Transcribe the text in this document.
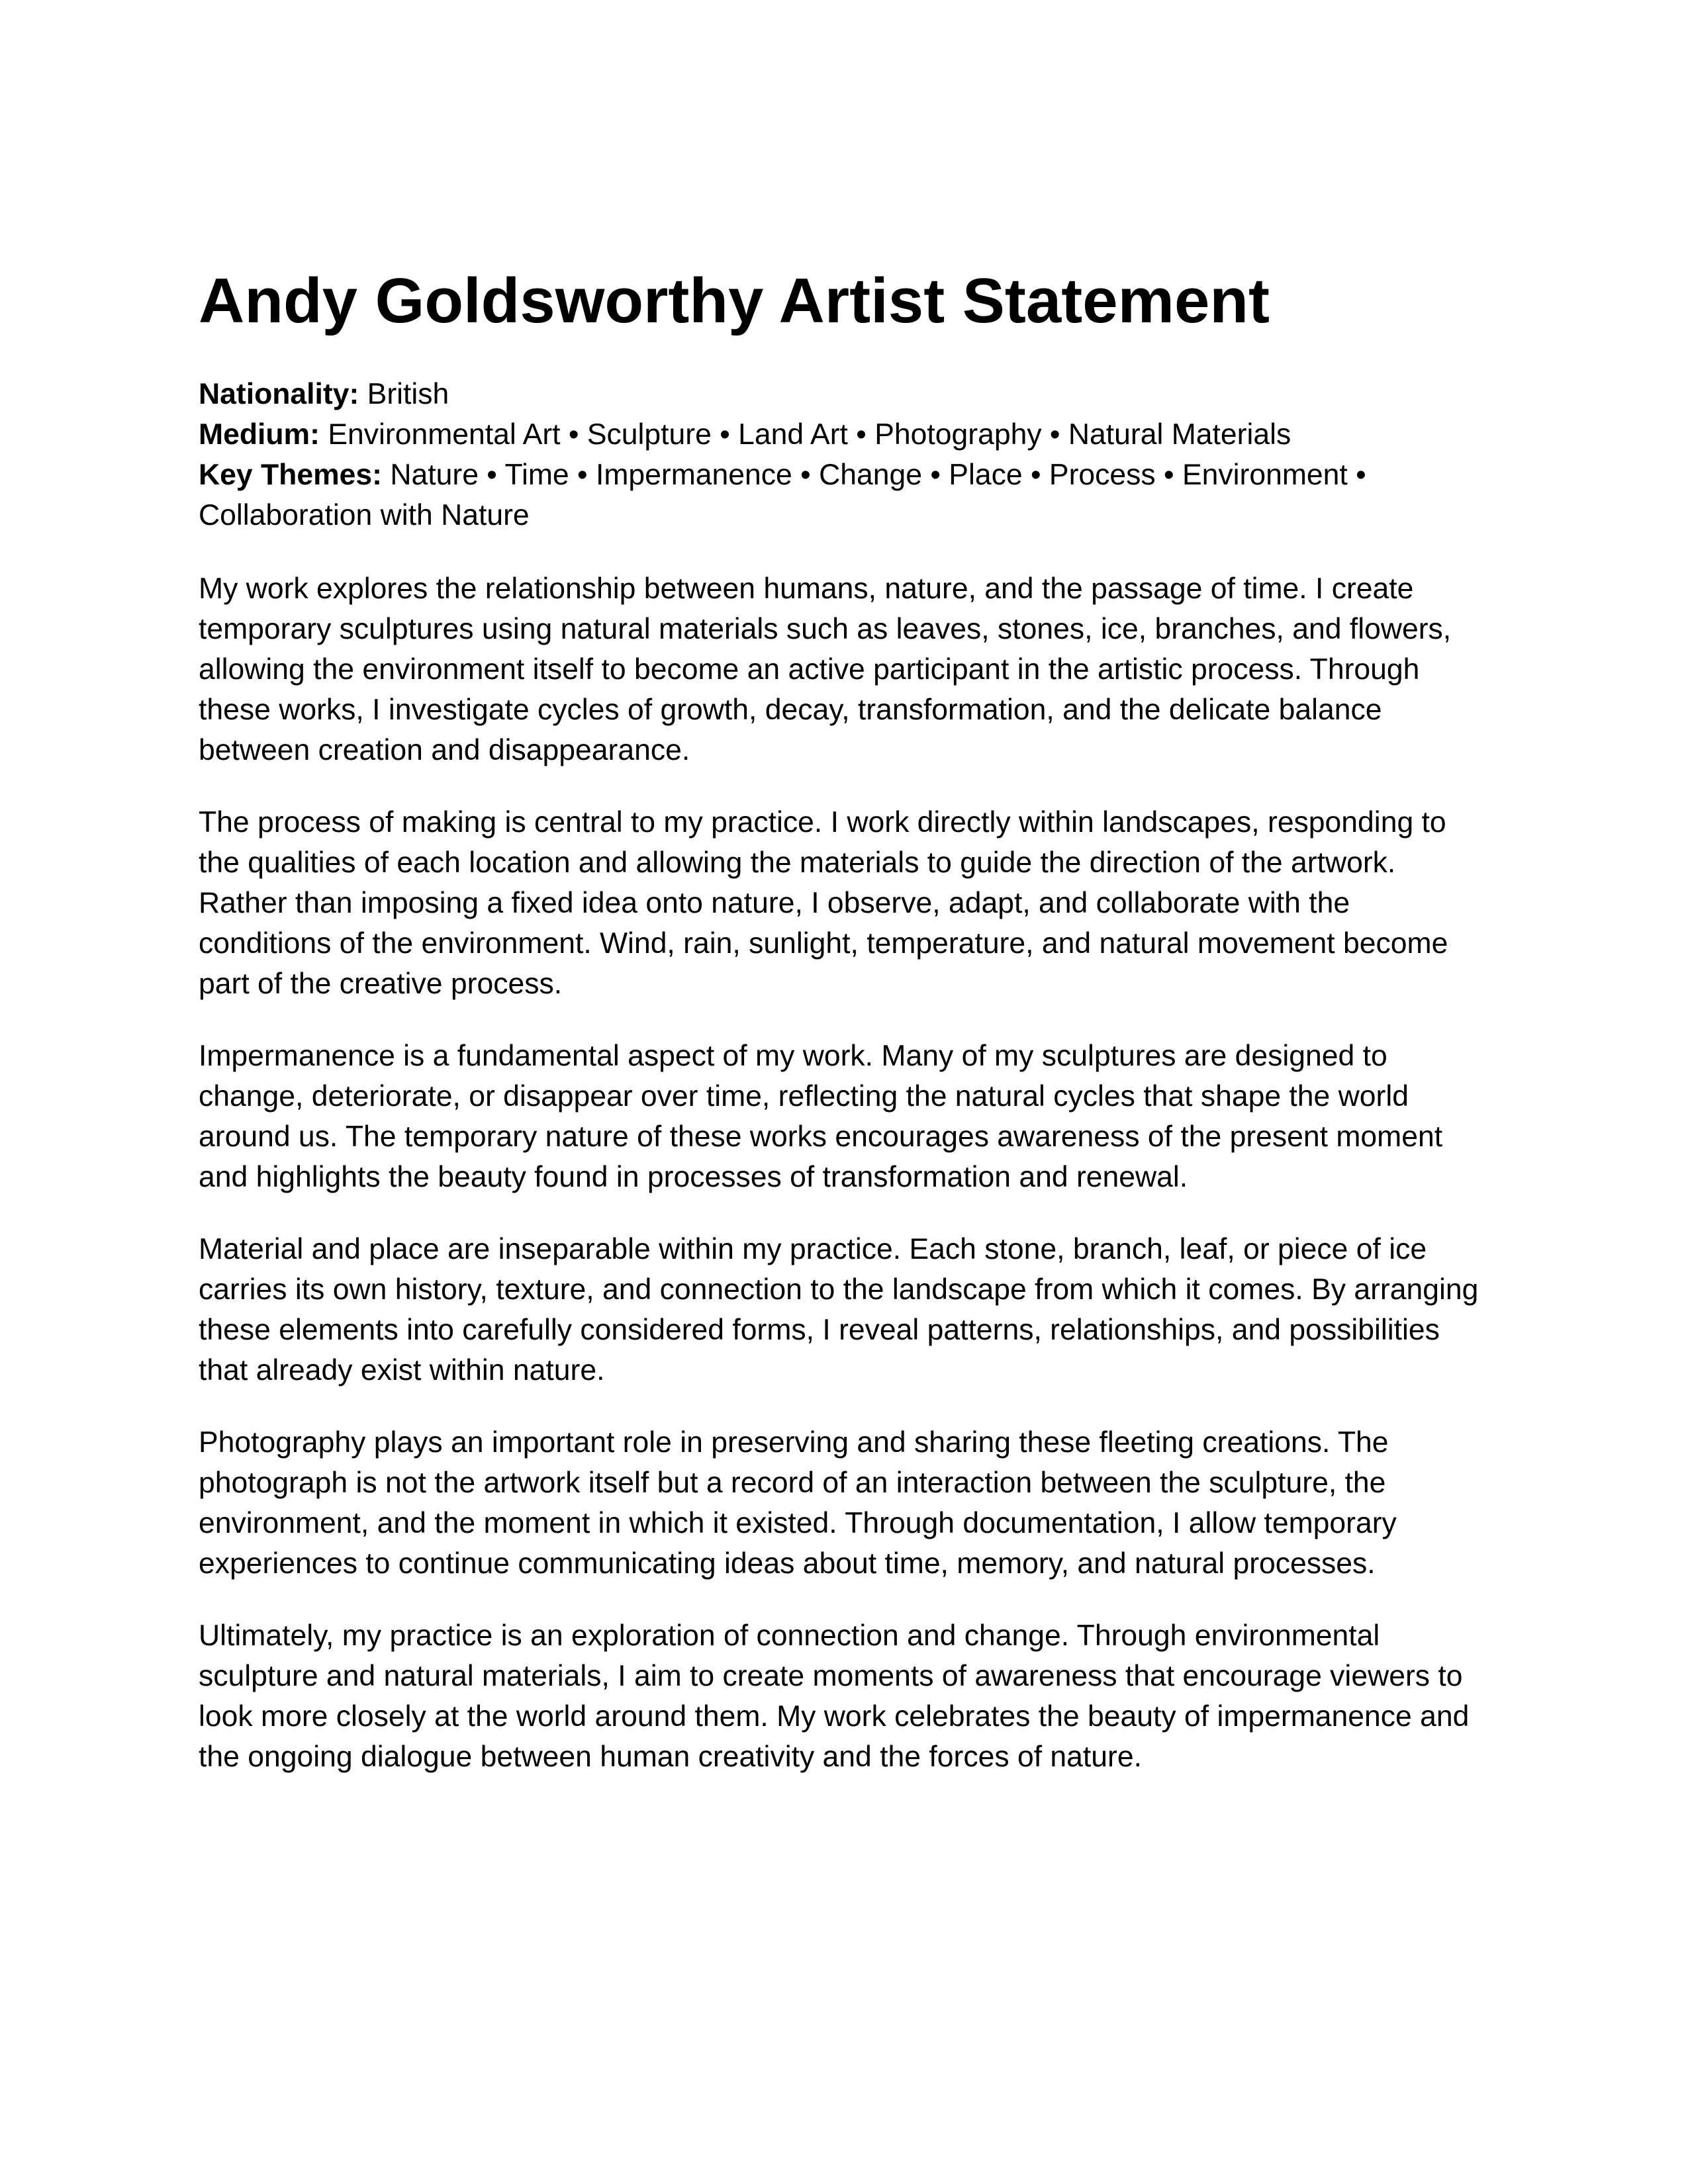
Andy Goldsworthy Artist Statement
Nationality: British
Medium: Environmental Art • Sculpture • Land Art • Photography • Natural Materials
Key Themes: Nature • Time • Impermanence • Change • Place • Process • Environment • Collaboration with Nature

My work explores the relationship between humans, nature, and the passage of time. I create temporary sculptures using natural materials such as leaves, stones, ice, branches, and flowers, allowing the environment itself to become an active participant in the artistic process. Through these works, I investigate cycles of growth, decay, transformation, and the delicate balance between creation and disappearance.

The process of making is central to my practice. I work directly within landscapes, responding to the qualities of each location and allowing the materials to guide the direction of the artwork. Rather than imposing a fixed idea onto nature, I observe, adapt, and collaborate with the conditions of the environment. Wind, rain, sunlight, temperature, and natural movement become part of the creative process.

Impermanence is a fundamental aspect of my work. Many of my sculptures are designed to change, deteriorate, or disappear over time, reflecting the natural cycles that shape the world around us. The temporary nature of these works encourages awareness of the present moment and highlights the beauty found in processes of transformation and renewal.

Material and place are inseparable within my practice. Each stone, branch, leaf, or piece of ice carries its own history, texture, and connection to the landscape from which it comes. By arranging these elements into carefully considered forms, I reveal patterns, relationships, and possibilities that already exist within nature.

Photography plays an important role in preserving and sharing these fleeting creations. The photograph is not the artwork itself but a record of an interaction between the sculpture, the environment, and the moment in which it existed. Through documentation, I allow temporary experiences to continue communicating ideas about time, memory, and natural processes.

Ultimately, my practice is an exploration of connection and change. Through environmental sculpture and natural materials, I aim to create moments of awareness that encourage viewers to look more closely at the world around them. My work celebrates the beauty of impermanence and the ongoing dialogue between human creativity and the forces of nature.
